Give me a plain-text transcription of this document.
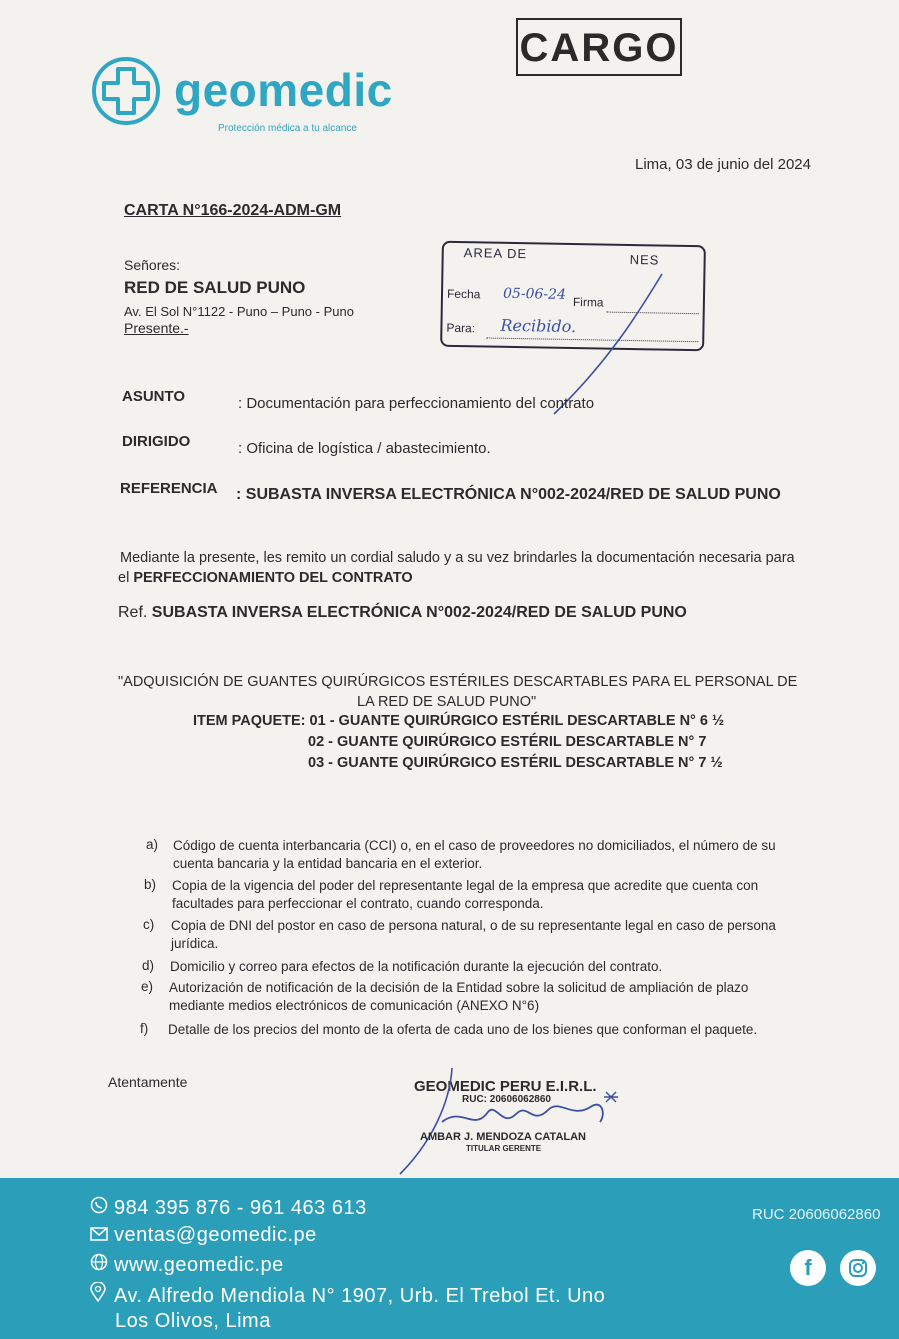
geomedic
Protección médica a tu alcance
CARGO
Lima, 03 de junio del 2024
CARTA N°166-2024-ADM-GM
Señores:
RED DE SALUD PUNO
Av. El Sol N°1122 - Puno – Puno - Puno
Presente.-
AREA DE	NES
Fecha 05-06-24 Firma
Para: Recibido.
ASUNTO	: Documentación para perfeccionamiento del contrato
DIRIGIDO	: Oficina de logística / abastecimiento.
REFERENCIA : SUBASTA INVERSA ELECTRÓNICA N°002-2024/RED DE SALUD PUNO
Mediante la presente, les remito un cordial saludo y a su vez brindarles la documentación necesaria para
el PERFECCIONAMIENTO DEL CONTRATO
Ref. SUBASTA INVERSA ELECTRÓNICA N°002-2024/RED DE SALUD PUNO
"ADQUISICIÓN DE GUANTES QUIRÚRGICOS ESTÉRILES DESCARTABLES PARA EL PERSONAL DE
LA RED DE SALUD PUNO"
ITEM PAQUETE: 01 - GUANTE QUIRÚRGICO ESTÉRIL DESCARTABLE N° 6 ½
02 - GUANTE QUIRÚRGICO ESTÉRIL DESCARTABLE N° 7
03 - GUANTE QUIRÚRGICO ESTÉRIL DESCARTABLE N° 7 ½
a) Código de cuenta interbancaria (CCI) o, en el caso de proveedores no domiciliados, el número de su cuenta bancaria y la entidad bancaria en el exterior.
b) Copia de la vigencia del poder del representante legal de la empresa que acredite que cuenta con facultades para perfeccionar el contrato, cuando corresponda.
c) Copia de DNI del postor en caso de persona natural, o de su representante legal en caso de persona jurídica.
d) Domicilio y correo para efectos de la notificación durante la ejecución del contrato.
e) Autorización de notificación de la decisión de la Entidad sobre la solicitud de ampliación de plazo mediante medios electrónicos de comunicación (ANEXO N°6)
f) Detalle de los precios del monto de la oferta de cada uno de los bienes que conforman el paquete.
Atentamente	GEOMEDIC PERU E.I.R.L.
RUC: 20606062860
AMBAR J. MENDOZA CATALAN
TITULAR GERENTE
984 395 876 - 961 463 613
ventas@geomedic.pe
www.geomedic.pe
Av. Alfredo Mendiola N° 1907, Urb. El Trebol Et. Uno
Los Olivos, Lima
RUC 20606062860
f
